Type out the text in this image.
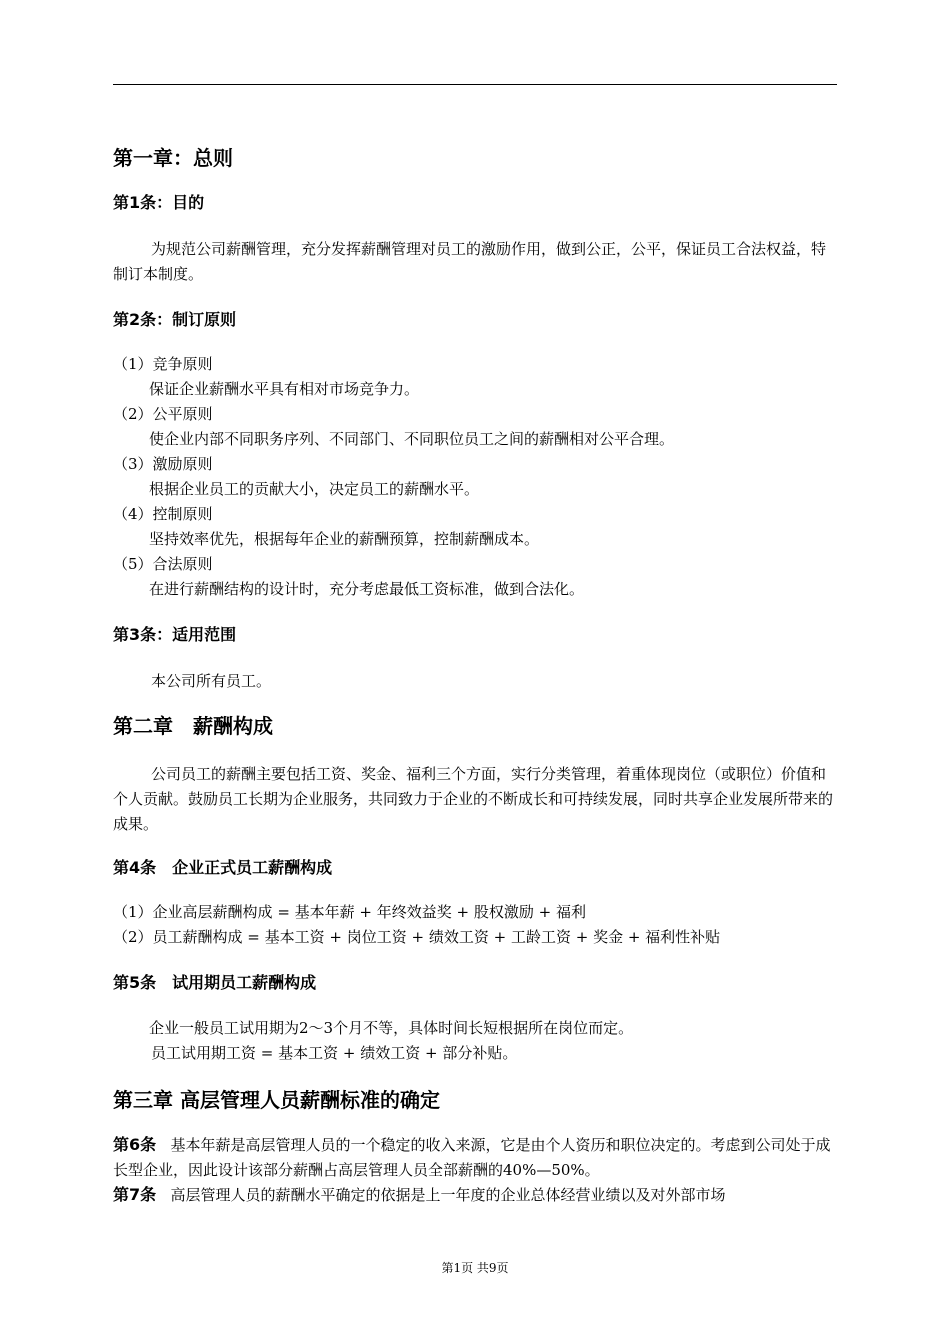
第一章：总则
第1条：目的
为规范公司薪酬管理，充分发挥薪酬管理对员工的激励作用，做到公正，公平，保证员工合法权益，特制订本制度。
第2条：制订原则
（1）竞争原则
保证企业薪酬水平具有相对市场竞争力。
（2）公平原则
使企业内部不同职务序列、不同部门、不同职位员工之间的薪酬相对公平合理。
（3）激励原则
根据企业员工的贡献大小，决定员工的薪酬水平。
（4）控制原则
坚持效率优先，根据每年企业的薪酬预算，控制薪酬成本。
（5）合法原则
在进行薪酬结构的设计时，充分考虑最低工资标准，做到合法化。
第3条：适用范围
本公司所有员工。
第二章　薪酬构成
公司员工的薪酬主要包括工资、奖金、福利三个方面，实行分类管理，着重体现岗位（或职位）价值和个人贡献。鼓励员工长期为企业服务，共同致力于企业的不断成长和可持续发展，同时共享企业发展所带来的成果。
第4条　企业正式员工薪酬构成
（1）企业高层薪酬构成 = 基本年薪 + 年终效益奖 + 股权激励 + 福利
（2）员工薪酬构成 = 基本工资 + 岗位工资 + 绩效工资 + 工龄工资 + 奖金 + 福利性补贴
第5条　试用期员工薪酬构成
企业一般员工试用期为2～3个月不等，具体时间长短根据所在岗位而定。
员工试用期工资 = 基本工资 + 绩效工资 + 部分补贴。
第三章 高层管理人员薪酬标准的确定
第6条 基本年薪是高层管理人员的一个稳定的收入来源，它是由个人资历和职位决定的。考虑到公司处于成长型企业，因此设计该部分薪酬占高层管理人员全部薪酬的40%—50%。
第7条 高层管理人员的薪酬水平确定的依据是上一年度的企业总体经营业绩以及对外部市场
第1页 共9页
